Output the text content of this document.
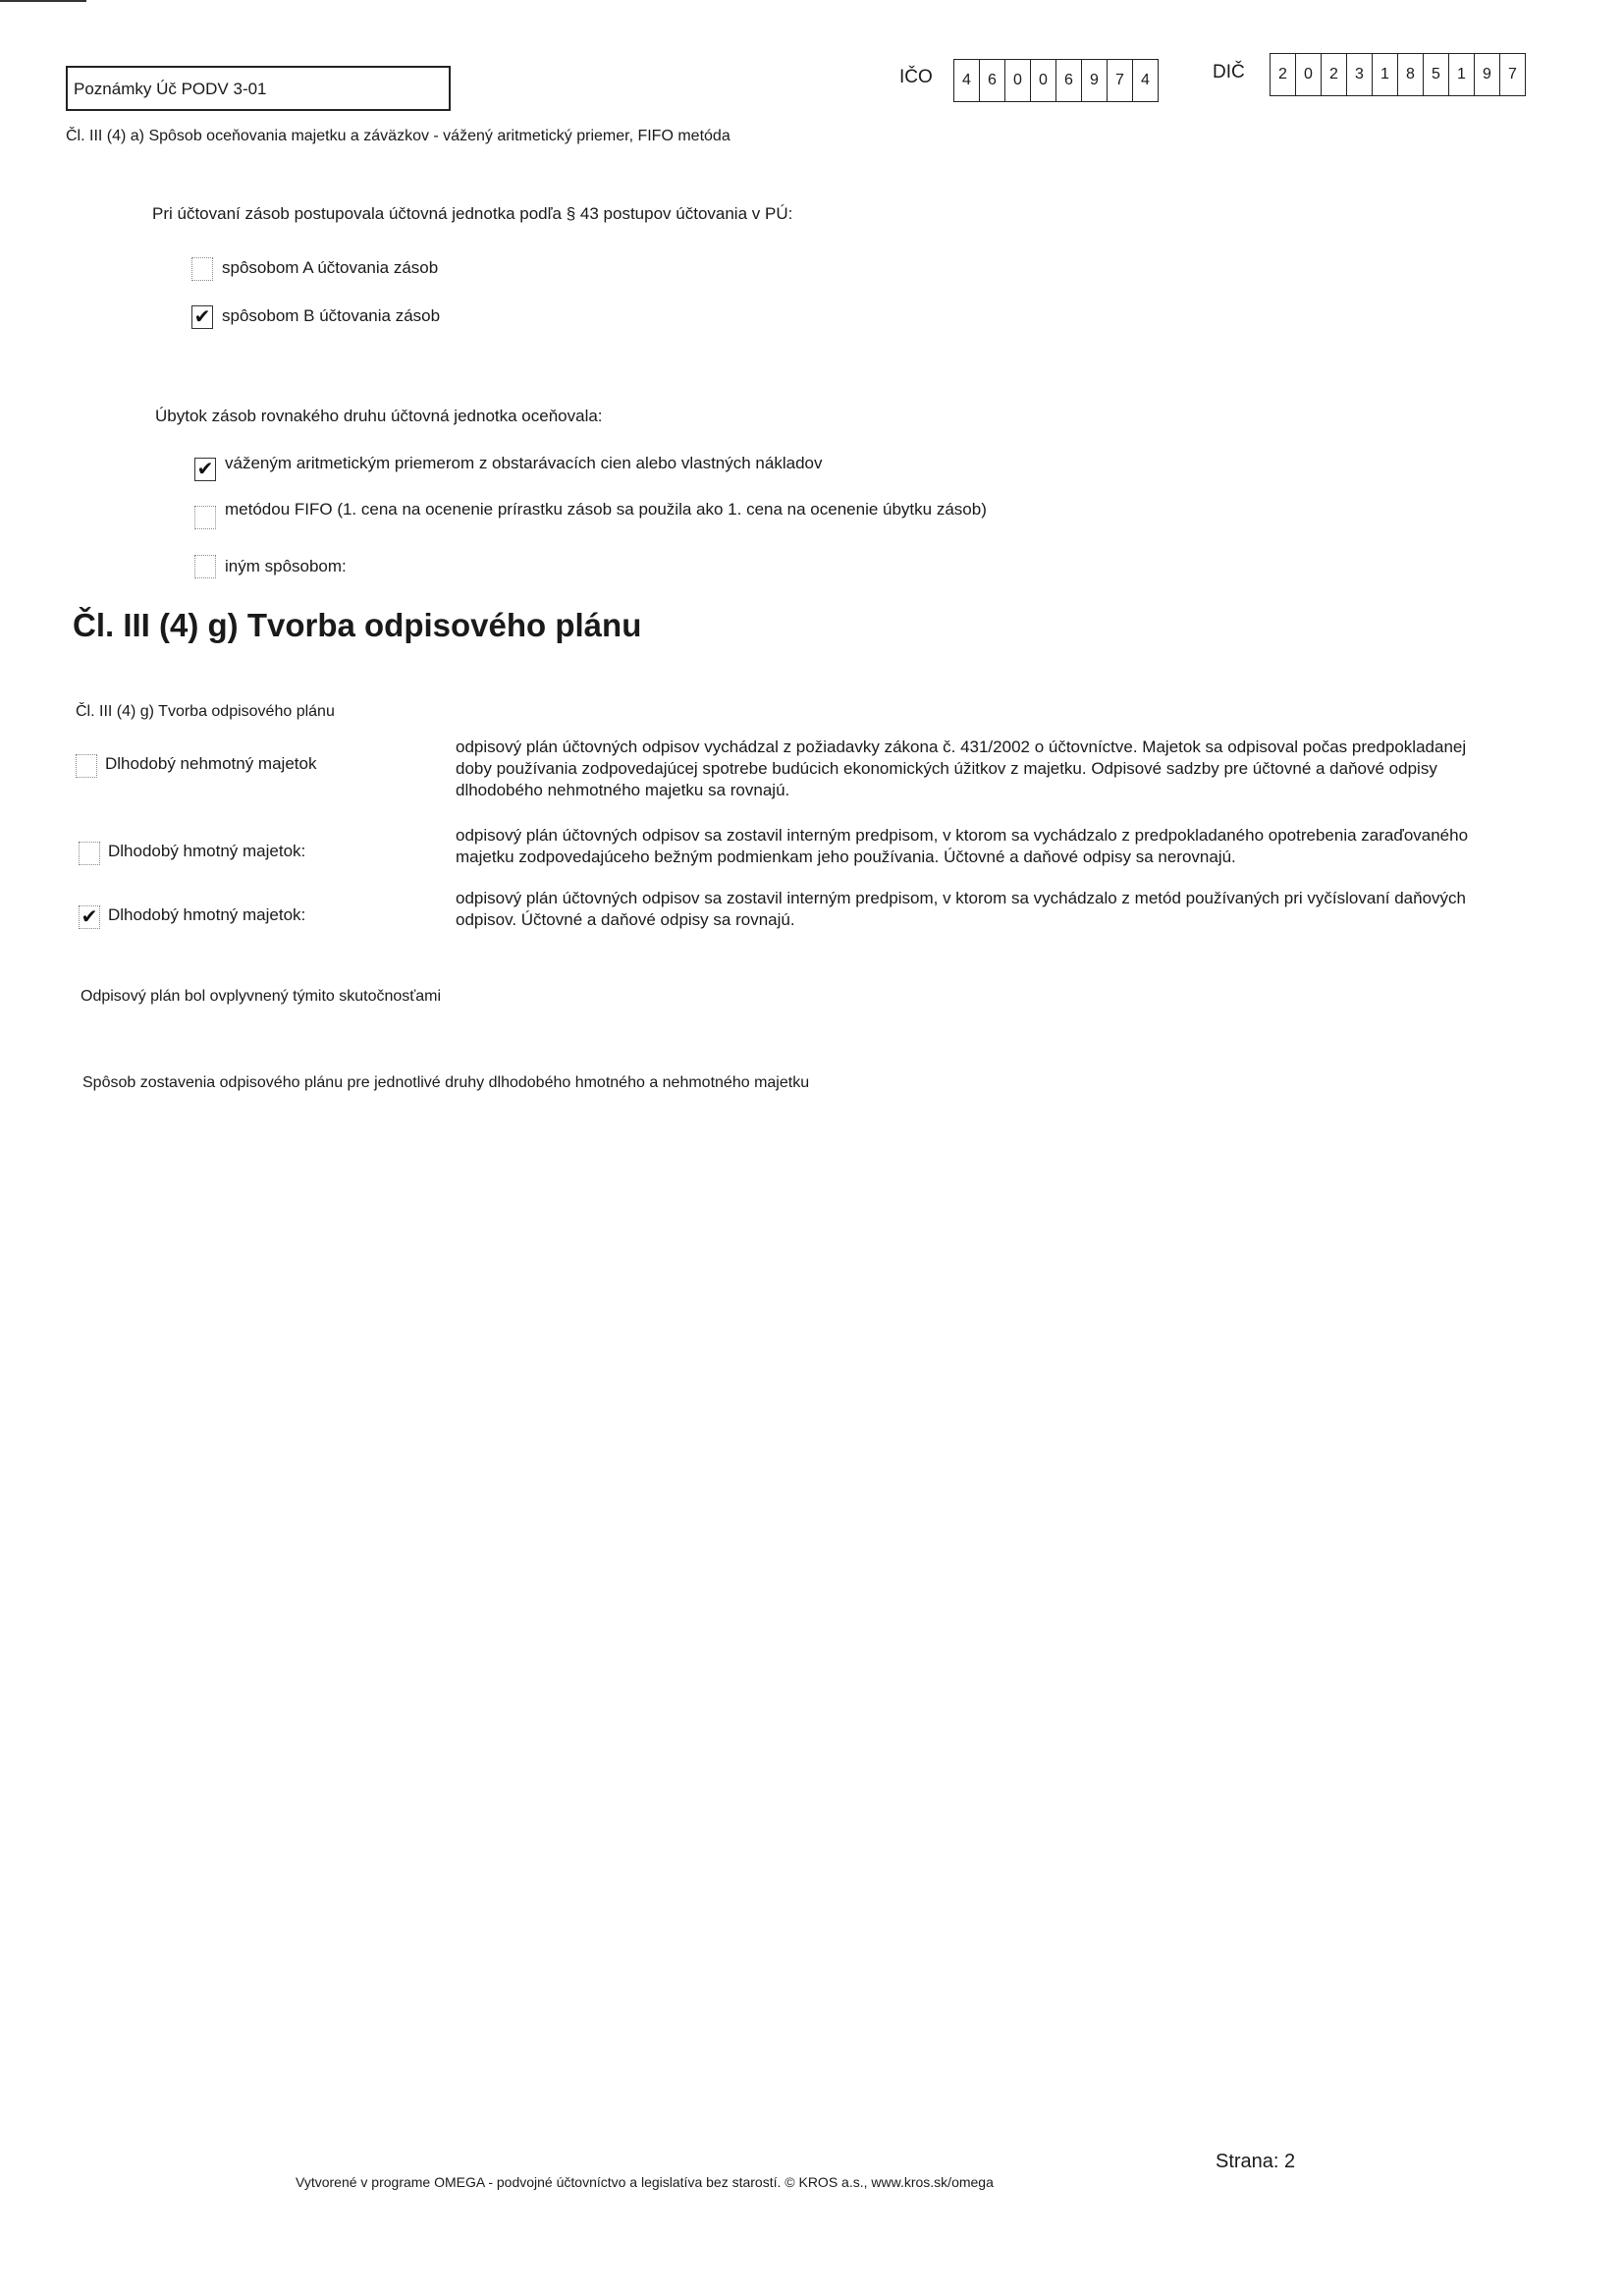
Poznámky Úč PODV 3-01
IČO	4	6	0	0	6	9	7	4	DIČ	2	0	2	3	1	8	5	1	9	7
Čl. III (4) a) Spôsob oceňovania majetku a záväzkov - vážený aritmetický priemer, FIFO metóda
Pri účtovaní zásob postupovala účtovná jednotka podľa § 43 postupov účtovania v PÚ:
spôsobom A účtovania zásob
✔ spôsobom B účtovania zásob
Úbytok zásob rovnakého druhu účtovná jednotka oceňovala:
✔ váženým aritmetickým priemerom z obstarávacích cien alebo vlastných nákladov
metódou FIFO (1. cena na ocenenie prírastku zásob sa použila ako 1. cena na ocenenie úbytku zásob)
iným spôsobom:
Čl. III (4) g) Tvorba odpisového plánu
Čl. III (4) g) Tvorba odpisového plánu
Dlhodobý nehmotný majetok
odpisový plán účtovných odpisov vychádzal z požiadavky zákona č. 431/2002 o účtovníctve. Majetok sa odpisoval počas predpokladanej doby používania zodpovedajúcej spotrebe budúcich ekonomických úžitkov z majetku. Odpisové sadzby pre účtovné a daňové odpisy dlhodobého nehmotného majetku sa rovnajú.
Dlhodobý hmotný majetok:
odpisový plán účtovných odpisov sa zostavil interným predpisom, v ktorom sa vychádzalo z predpokladaného opotrebenia zaraďovaného majetku zodpovedajúceho bežným podmienkam jeho používania. Účtovné a daňové odpisy sa nerovnajú.
✔ Dlhodobý hmotný majetok:
odpisový plán účtovných odpisov sa zostavil interným predpisom, v ktorom sa vychádzalo z metód používaných pri vyčíslovaní daňových odpisov. Účtovné a daňové odpisy sa rovnajú.
Odpisový plán bol ovplyvnený týmito skutočnosťami
Spôsob zostavenia odpisového plánu pre jednotlivé druhy dlhodobého hmotného a nehmotného majetku
Vytvorené v programe OMEGA - podvojné účtovníctvo a legislatíva bez starostí. © KROS a.s., www.kros.sk/omega
Strana: 2
